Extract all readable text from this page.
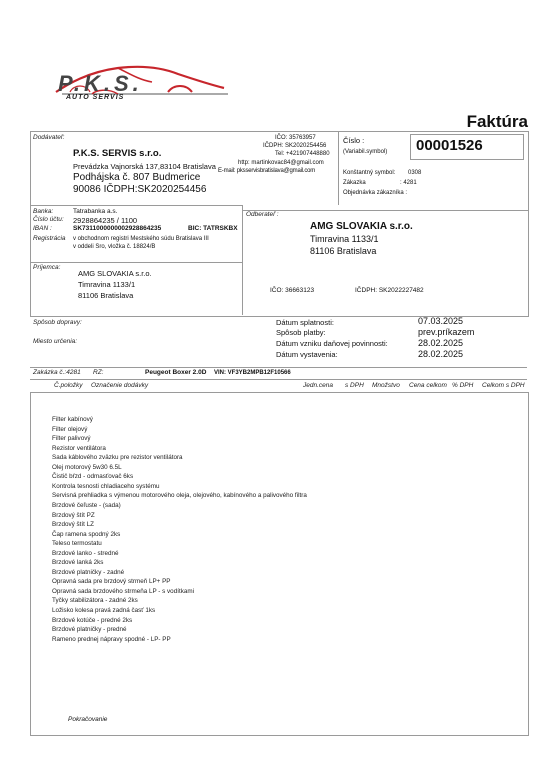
P.K.S.
AUTO SERVIS
Faktúra
Dodávateľ:
P.K.S. SERVIS s.r.o.
Prevádzka Vajnorská 137,83104 Bratislava
Podhájska č. 807 Budmerice
90086 IČDPH:SK2020254456
IČO: 35763957
IČDPH: SK2020254456
Tel: +421907448880
http: martinkovac84@gmail.com
E-mail: pksservisbratislava@gmail.com
Číslo :
(Variabil.symbol) 00001526
Konštantný symbol: 0308
Zákazka	: 4281
Objednávka zákazníka :
Banka:	Tatrabanka a.s.
Číslo účtu: 2928864235 / 1100
IBAN :	SK7311000000002928864235	BIC: TATRSKBX
Registrácia v obchodnom registri Mestského súdu Bratislava III
v oddeli Sro, vložka č. 18824/B
Odberateľ :
AMG SLOVAKIA s.r.o.
Timravina 1133/1
81106 Bratislava
IČO: 36663123	IČDPH: SK2022227482
Príjemca:
AMG SLOVAKIA s.r.o.
Timravina 1133/1
81106 Bratislava
Spôsob dopravy:
Miesto určenia:
Dátum splatnosti:	07.03.2025
Spôsob platby:	prev.príkazem
Dátum vzniku daňovej povinnosti:	28.02.2025
Dátum vystavenia:	28.02.2025
Zakázka č.:4281 RZ:	Peugeot Boxer 2.0D VIN: VF3YB2MPB12F10566
Č.položky Označenie dodávky	Jedn.cena s DPH Množstvo Cena celkom % DPH Celkom s DPH
Filter kabínový
Filter olejový
Filter palivový
Rezistor ventilátora
Sada káblového zväzku pre rezistor ventilátora
Olej motorový 5w30 6.5L
Čistič bŕzd - odmasťovač 6ks
Kontrola tesnosti chladiaceho systému
Servisná prehliadka s výmenou motorového oleja, olejového, kabínového a palivového filtra
Brzdové čeľuste - (sada)
Brzdový štít PZ
Brzdový štít LZ
Čap ramena spodný 2ks
Teleso termostatu
Brzdové lanko - stredné
Brzdové lanká 2ks
Brzdové platničky - zadné
Opravná sada pre brzdový strmeň LP+ PP
Opravná sada brzdového strmeňa LP - s vodítkami
Tyčky stabilizátora - zadné 2ks
Ložisko kolesa pravá zadná časť 1ks
Brzdové kotúče - predné 2ks
Brzdové platničky - predné
Rameno prednej nápravy spodné - LP- PP
Pokračovanie
